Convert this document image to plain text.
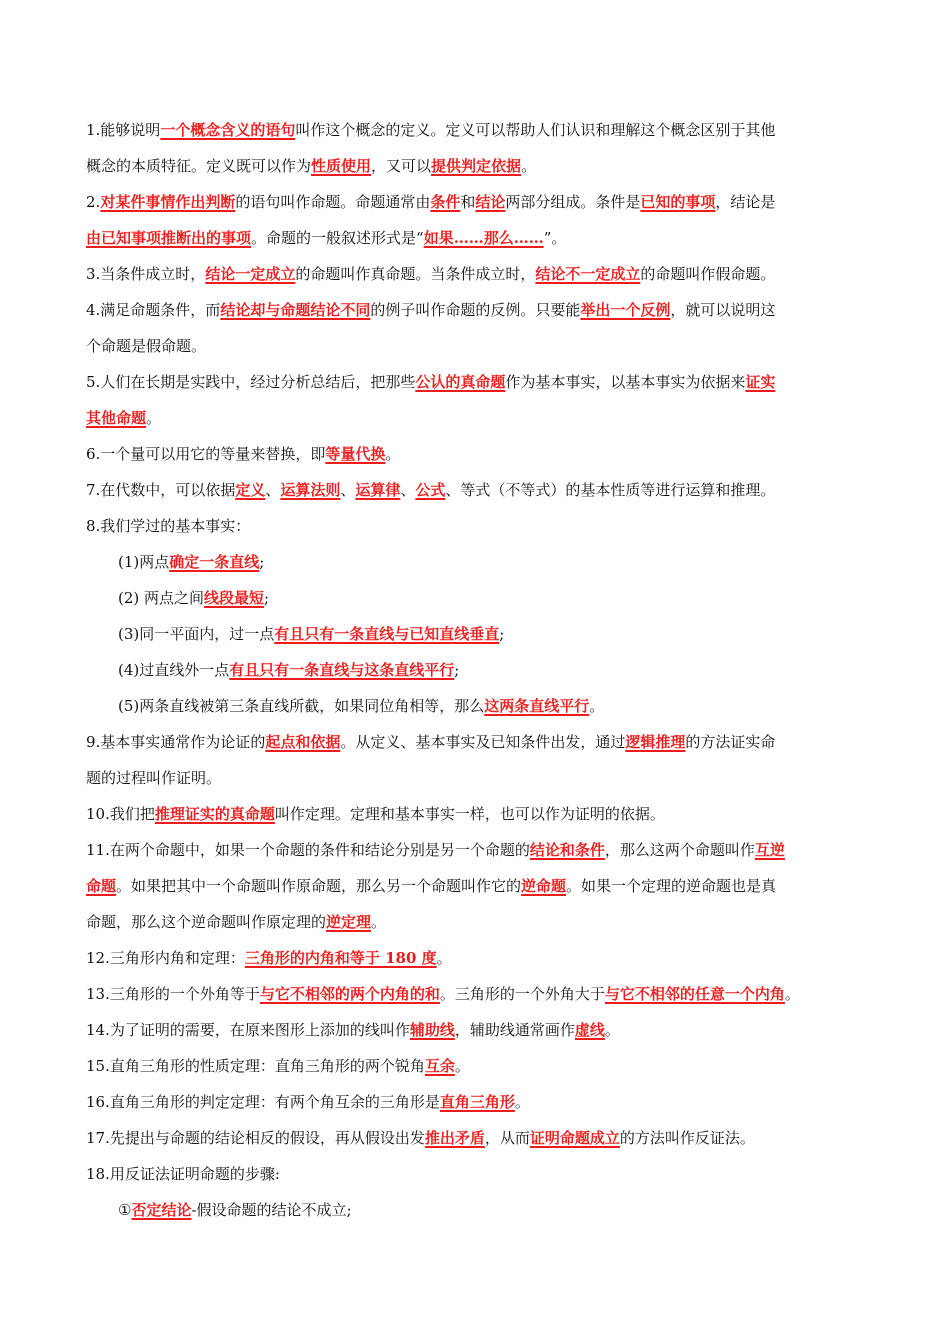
1.能够说明一个概念含义的语句叫作这个概念的定义。定义可以帮助人们认识和理解这个概念区别于其他
概念的本质特征。定义既可以作为性质使用，又可以提供判定依据。
2.对某件事情作出判断的语句叫作命题。命题通常由条件和结论两部分组成。条件是已知的事项，结论是
由已知事项推断出的事项。命题的一般叙述形式是“如果……那么……”。
3.当条件成立时，结论一定成立的命题叫作真命题。当条件成立时，结论不一定成立的命题叫作假命题。
4.满足命题条件，而结论却与命题结论不同的例子叫作命题的反例。只要能举出一个反例，就可以说明这
个命题是假命题。
5.人们在长期是实践中，经过分析总结后，把那些公认的真命题作为基本事实，以基本事实为依据来证实
其他命题。
6.一个量可以用它的等量来替换，即等量代换。
7.在代数中，可以依据定义、运算法则、运算律、公式、等式（不等式）的基本性质等进行运算和推理。
8.我们学过的基本事实：
(1)两点确定一条直线;
(2) 两点之间线段最短;
(3)同一平面内，过一点有且只有一条直线与已知直线垂直;
(4)过直线外一点有且只有一条直线与这条直线平行;
(5)两条直线被第三条直线所截，如果同位角相等，那么这两条直线平行。
9.基本事实通常作为论证的起点和依据。从定义、基本事实及已知条件出发，通过逻辑推理的方法证实命
题的过程叫作证明。
10.我们把推理证实的真命题叫作定理。定理和基本事实一样，也可以作为证明的依据。
11.在两个命题中，如果一个命题的条件和结论分别是另一个命题的结论和条件，那么这两个命题叫作互逆
命题。如果把其中一个命题叫作原命题，那么另一个命题叫作它的逆命题。如果一个定理的逆命题也是真
命题，那么这个逆命题叫作原定理的逆定理。
12.三角形内角和定理：三角形的内角和等于 180 度。
13.三角形的一个外角等于与它不相邻的两个内角的和。三角形的一个外角大于与它不相邻的任意一个内角。
14.为了证明的需要，在原来图形上添加的线叫作辅助线，辅助线通常画作虚线。
15.直角三角形的性质定理：直角三角形的两个锐角互余。
16.直角三角形的判定定理：有两个角互余的三角形是直角三角形。
17.先提出与命题的结论相反的假设，再从假设出发推出矛盾，从而证明命题成立的方法叫作反证法。
18.用反证法证明命题的步骤:
①否定结论-假设命题的结论不成立;
